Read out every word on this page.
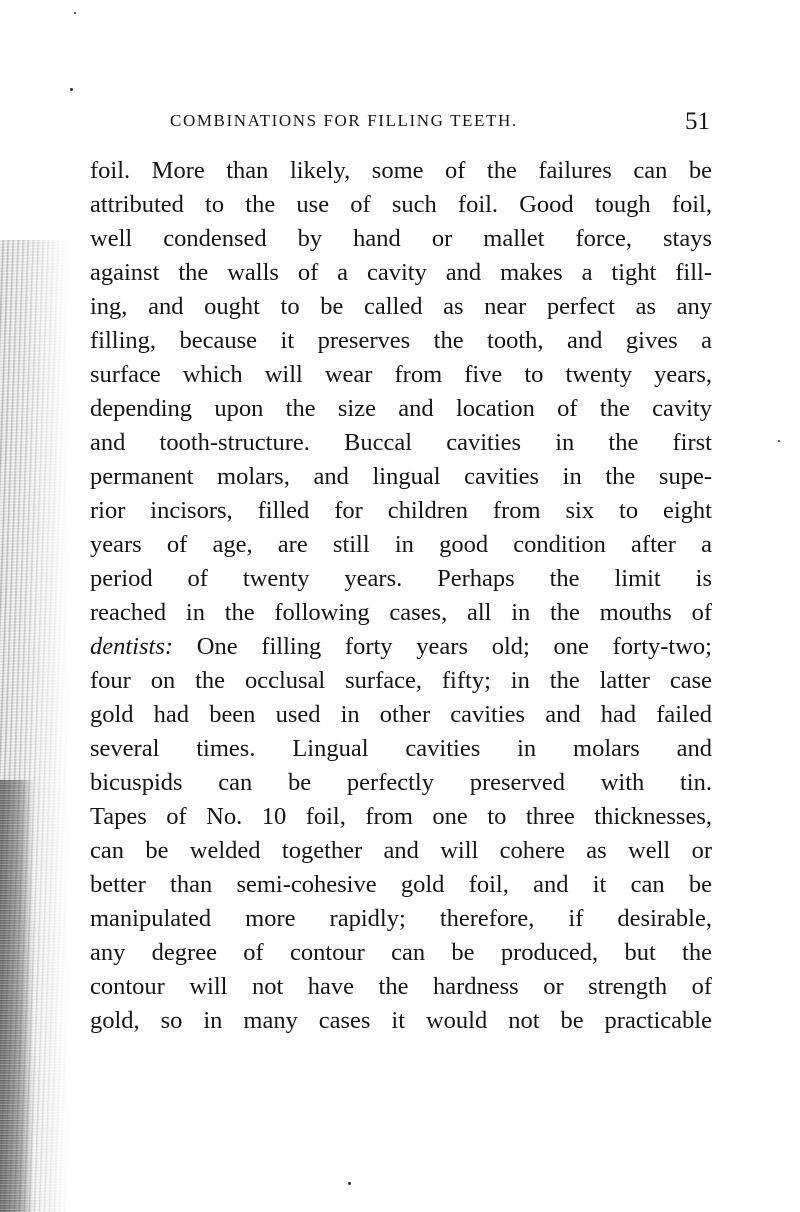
COMBINATIONS FOR FILLING TEETH.	51
foil. More than likely, some of the failures can be
attributed to the use of such foil. Good tough foil,
well condensed by hand or mallet force, stays
against the walls of a cavity and makes a tight fill-
ing, and ought to be called as near perfect as any
filling, because it preserves the tooth, and gives a
surface which will wear from five to twenty years,
depending upon the size and location of the cavity
and tooth-structure. Buccal cavities in the first
permanent molars, and lingual cavities in the supe-
rior incisors, filled for children from six to eight
years of age, are still in good condition after a
period of twenty years. Perhaps the limit is
reached in the following cases, all in the mouths of
dentists: One filling forty years old; one forty-two;
four on the occlusal surface, fifty; in the latter case
gold had been used in other cavities and had failed
several times. Lingual cavities in molars and
bicuspids can be perfectly preserved with tin.
Tapes of No. 10 foil, from one to three thicknesses,
can be welded together and will cohere as well or
better than semi-cohesive gold foil, and it can be
manipulated more rapidly; therefore, if desirable,
any degree of contour can be produced, but the
contour will not have the hardness or strength of
gold, so in many cases it would not be practicable
